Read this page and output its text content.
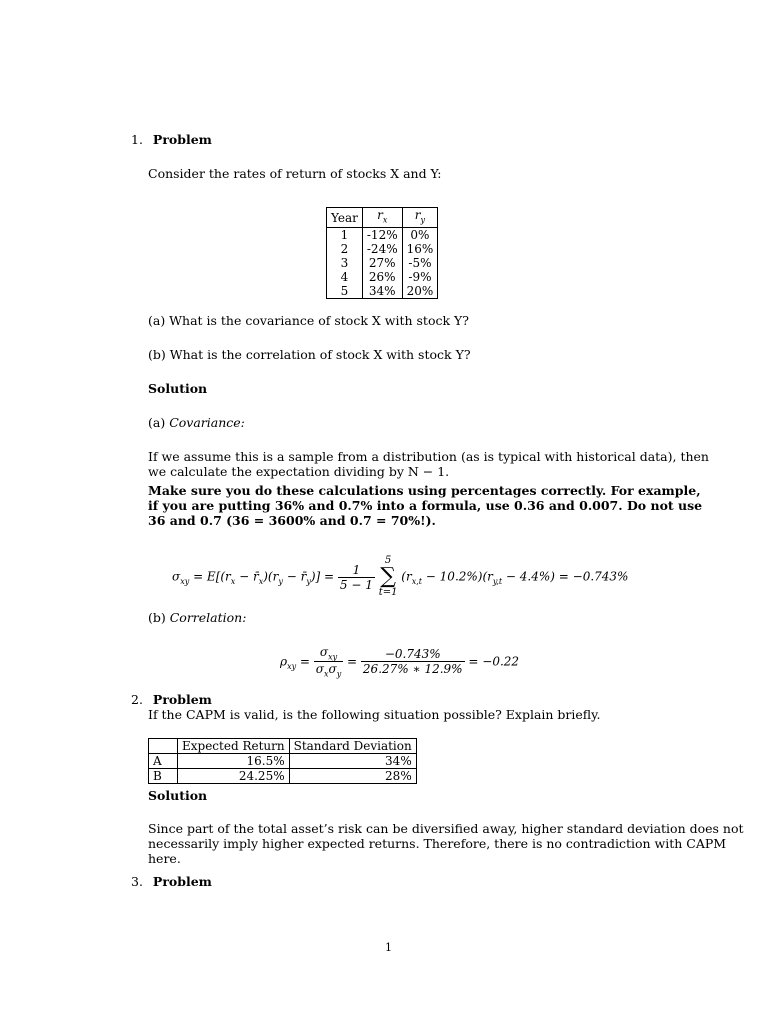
1. Problem
Consider the rates of return of stocks X and Y:
Year	$r_x$	$r_y$
1	-12%	0%
2	-24%	16%
3	27%	-5%
4	26%	-9%
5	34%	20%
(a) What is the covariance of stock X with stock Y?
(b) What is the correlation of stock X with stock Y?
Solution
(a) Covariance:
If we assume this is a sample from a distribution (as is typical with historical data), then
we calculate the expectation dividing by N − 1.
Make sure you do these calculations using percentages correctly. For example,
if you are putting 36% and 0.7% into a formula, use 0.36 and 0.007. Do not use
36 and 0.7 (36 = 3600% and 0.7 = 70%!).
$\sigma_{xy} = E[(r_x$ − $r̄_x)(r_y$ − $r̄_y)] = \frac{1}{5 - 1}$

5
∑
t=1
$(r_{x,t} - 10.2\%)(r_{y,t} - 4.4\%) = -0.743\%$
(b) Correlation:
$\rho_{xy} = \frac{\sigma_{xy}}{\sigma_x\sigma_y} = \frac{-0.743\%}{26.27\% ∗ 12.9\%} = -0.22$
2. Problem
If the CAPM is valid, is the following situation possible? Explain briefly.
	Expected Return	Standard Deviation
A	16.5%	34%
B	24.25%	28%
Solution
Since part of the total asset’s risk can be diversified away, higher standard deviation does not
necessarily imply higher expected returns. Therefore, there is no contradiction with CAPM
here.
3. Problem
1
